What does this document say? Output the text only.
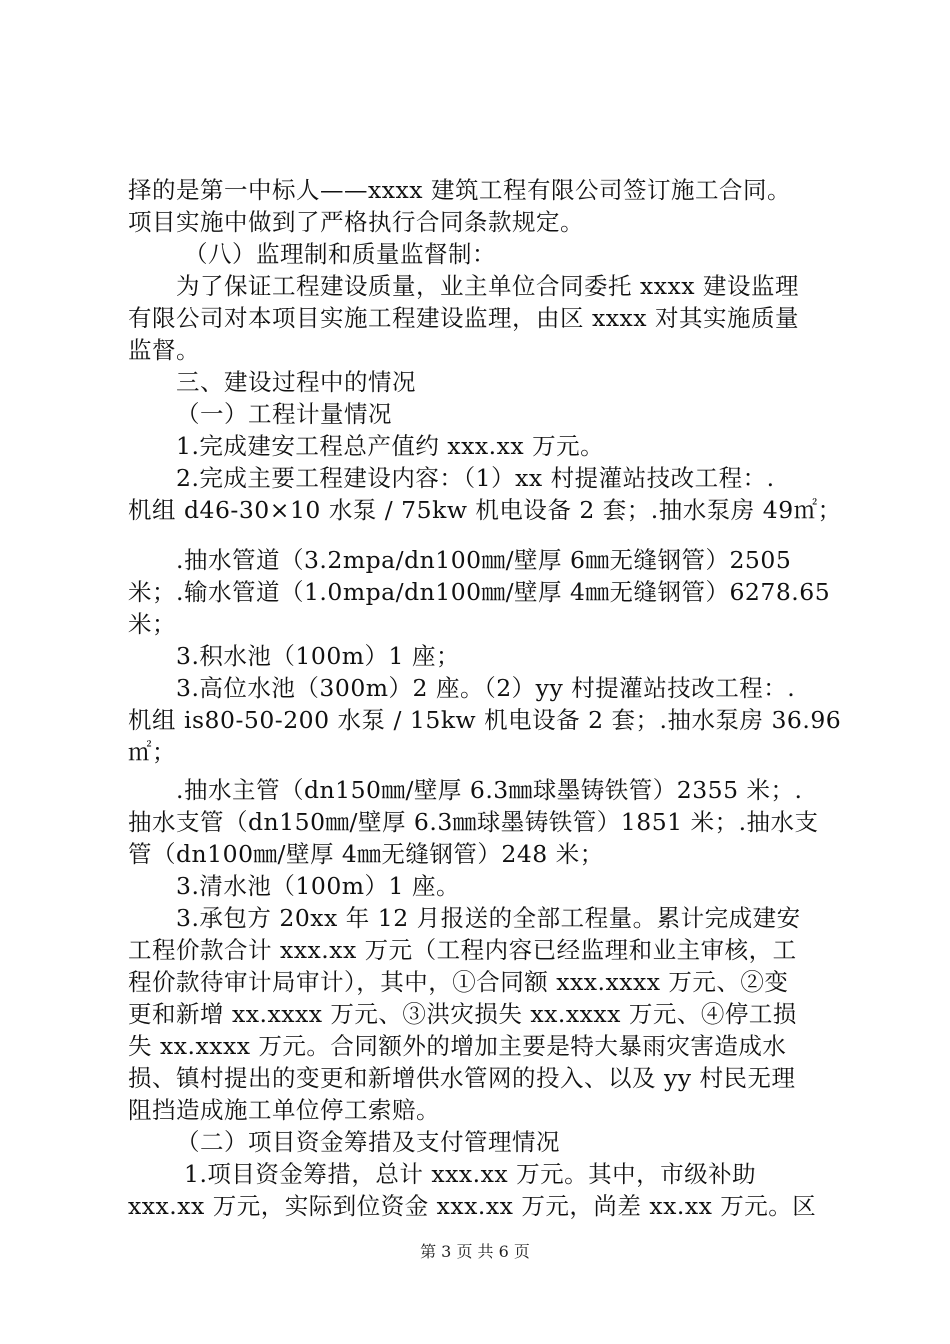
择的是第一中标人——xxxx 建筑工程有限公司签订施工合同。
项目实施中做到了严格执行合同条款规定。
（八）监理制和质量监督制：
为了保证工程建设质量，业主单位合同委托 xxxx 建设监理
有限公司对本项目实施工程建设监理，由区 xxxx 对其实施质量
监督。
三、建设过程中的情况
（一）工程计量情况
1.完成建安工程总产值约 xxx.xx 万元。
2.完成主要工程建设内容：（1）xx 村提灌站技改工程：.
机组 d46-30×10 水泵 / 75kw 机电设备 2 套；.抽水泵房 49㎡；
.抽水管道（3.2mpa/dn100㎜/壁厚 6㎜无缝钢管）2505
米；.输水管道（1.0mpa/dn100㎜/壁厚 4㎜无缝钢管）6278.65
米；
3.积水池（100m）1 座；
3.高位水池（300m）2 座。（2）yy 村提灌站技改工程：.
机组 is80-50-200 水泵 / 15kw 机电设备 2 套；.抽水泵房 36.96
㎡；
.抽水主管（dn150㎜/壁厚 6.3㎜球墨铸铁管）2355 米；.
抽水支管（dn150㎜/壁厚 6.3㎜球墨铸铁管）1851 米；.抽水支
管（dn100㎜/壁厚 4㎜无缝钢管）248 米；
3.清水池（100m）1 座。
3.承包方 20xx 年 12 月报送的全部工程量。累计完成建安
工程价款合计 xxx.xx 万元（工程内容已经监理和业主审核，工
程价款待审计局审计），其中，①合同额 xxx.xxxx 万元、②变
更和新增 xx.xxxx 万元、③洪灾损失 xx.xxxx 万元、④停工损
失 xx.xxxx 万元。合同额外的增加主要是特大暴雨灾害造成水
损、镇村提出的变更和新增供水管网的投入、以及 yy 村民无理
阻挡造成施工单位停工索赔。
（二）项目资金筹措及支付管理情况
1.项目资金筹措，总计 xxx.xx 万元。其中，市级补助
xxx.xx 万元，实际到位资金 xxx.xx 万元，尚差 xx.xx 万元。区
第 3 页 共 6 页
